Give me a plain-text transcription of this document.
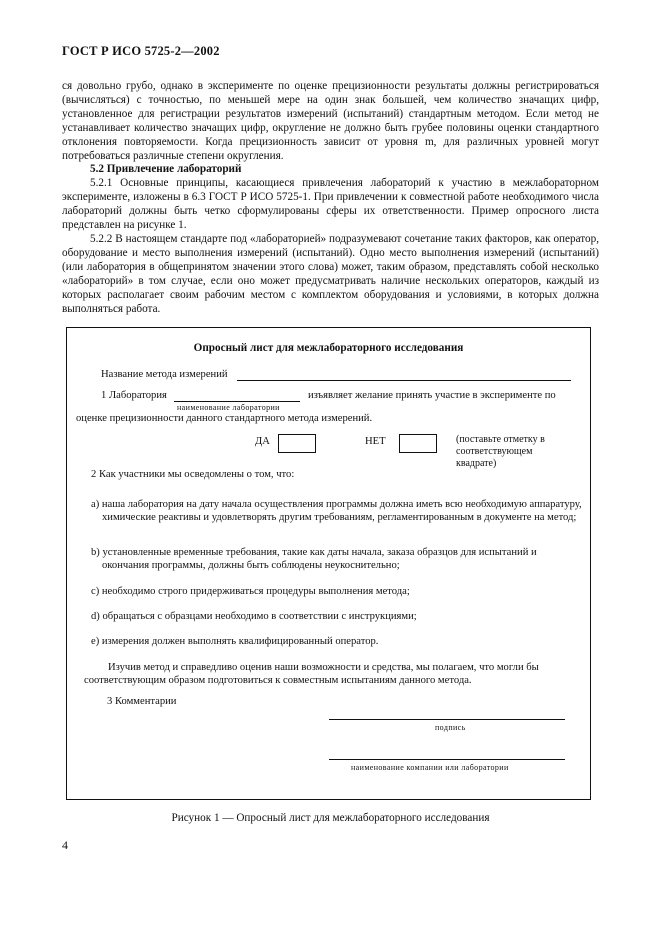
ГОСТ Р ИСО 5725-2—2002

ся довольно грубо, однако в эксперименте по оценке прецизионности результаты должны регистрироваться (вычисляться) с точностью, по меньшей мере на один знак большей, чем количество значащих цифр, установленное для регистрации результатов измерений (испытаний) стандартным методом. Если метод не устанавливает количество значащих цифр, округление не должно быть грубее половины оценки стандартного отклонения повторяемости. Когда прецизионность зависит от уровня m, для различных уровней могут потребоваться различные степени округления.

5.2 Привлечение лабораторий

5.2.1 Основные принципы, касающиеся привлечения лабораторий к участию в межлабораторном эксперименте, изложены в 6.3 ГОСТ Р ИСО 5725-1. При привлечении к совместной работе необходимого числа лабораторий должны быть четко сформулированы сферы их ответственности. Пример опросного листа представлен на рисунке 1.

5.2.2 В настоящем стандарте под «лабораторией» подразумевают сочетание таких факторов, как оператор, оборудование и место выполнения измерений (испытаний). Одно место выполнения измерений (испытаний) (или лаборатория в общепринятом значении этого слова) может, таким образом, представлять собой несколько «лабораторий» в том случае, если оно может предусматривать наличие нескольких операторов, каждый из которых располагает своим рабочим местом с комплектом оборудования и условиями, в которых должна выполняться работа.

Опросный лист для межлабораторного исследования
Название метода измерений
1 Лаборатория	изъявляет желание принять участие в эксперименте по
наименование лаборатории
оценке прецизионности данного стандартного метода измерений.
ДА	НЕТ	(поставьте отметку в соответствующем квадрате)
2 Как участники мы осведомлены о том, что:
а) наша лаборатория на дату начала осуществления программы должна иметь всю необходимую аппаратуру, химические реактивы и удовлетворять другим требованиям, регламентированным в документе на метод;
b) установленные временные требования, такие как даты начала, заказа образцов для испытаний и окончания программы, должны быть соблюдены неукоснительно;
c) необходимо строго придерживаться процедуры выполнения метода;
d) обращаться с образцами необходимо в соответствии с инструкциями;
e) измерения должен выполнять квалифицированный оператор.
Изучив метод и справедливо оценив наши возможности и средства, мы полагаем, что могли бы соответствующим образом подготовиться к совместным испытаниям данного метода.
3 Комментарии
подпись
наименование компании или лаборатории
Рисунок 1 — Опросный лист для межлабораторного исследования
4
